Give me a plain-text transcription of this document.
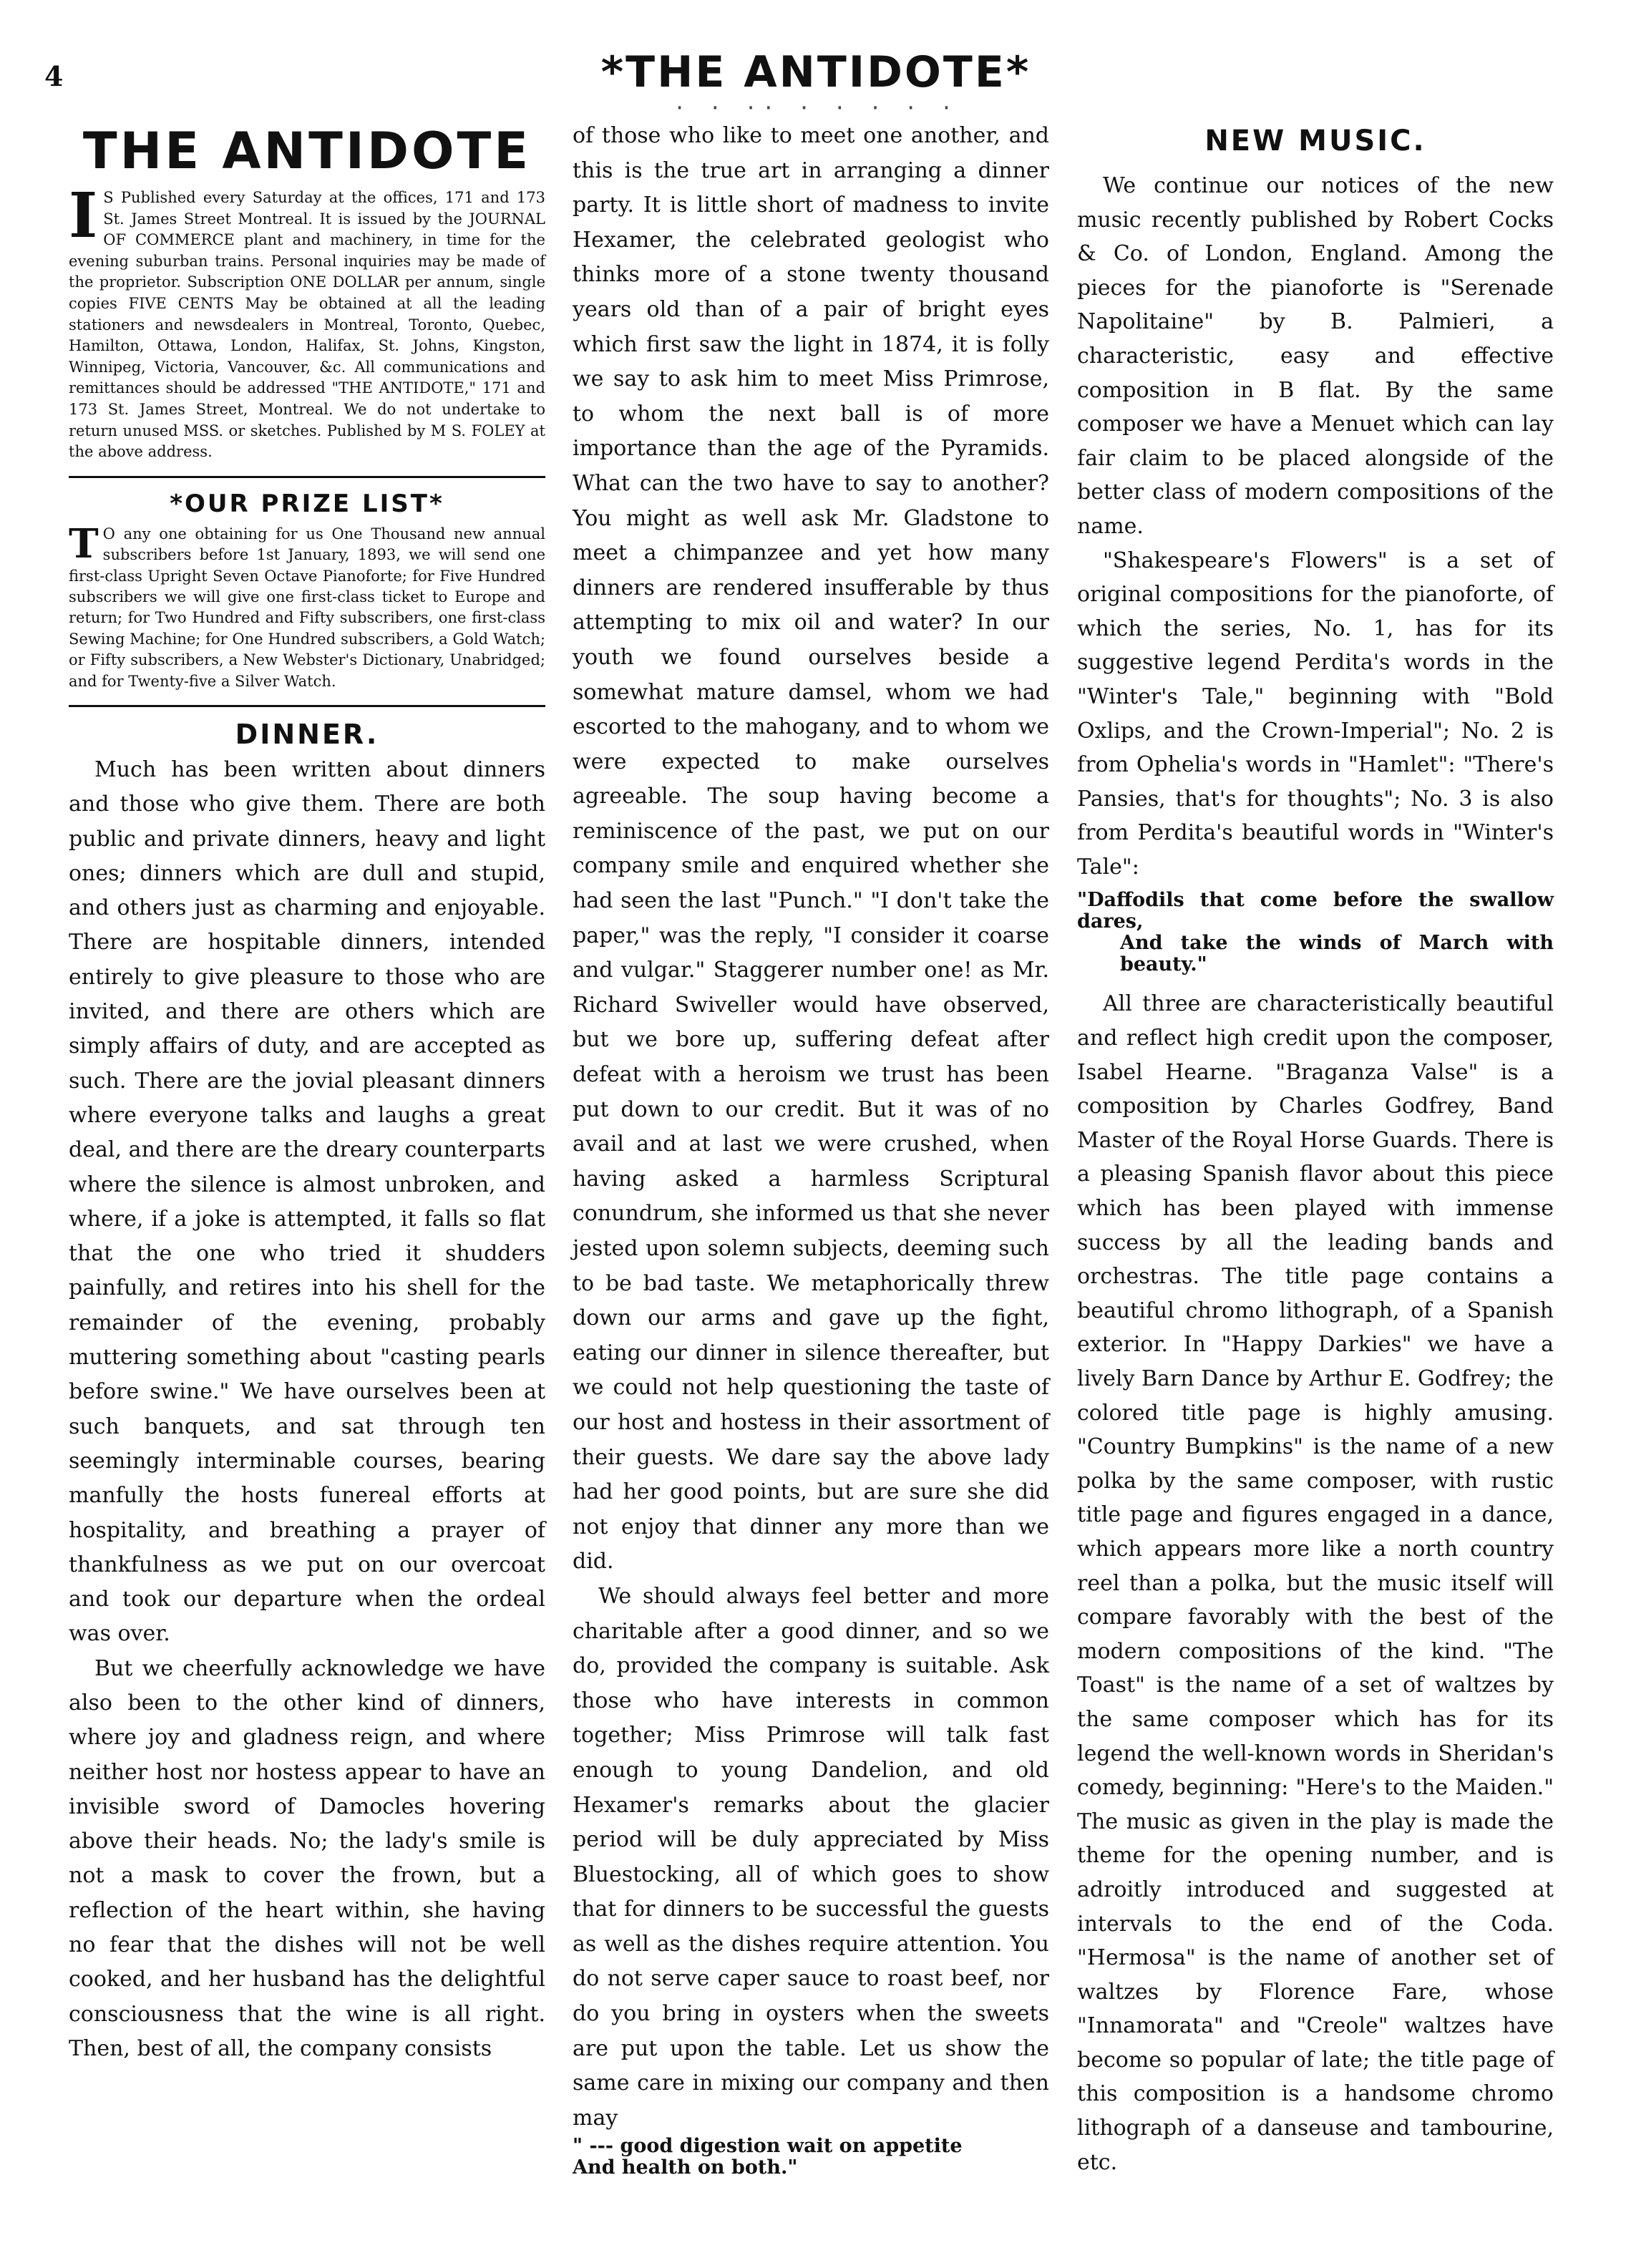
4	*THE ANTIDOTE*
· · ·· · · · · ·
THE ANTIDOTE

I S Published every Saturday at the offices, 171 and 173 St. James Street Montreal. It is issued by the JOURNAL OF COMMERCE plant and machinery, in time for the evening suburban trains. Personal inquiries may be made of the proprietor. Subscription ONE DOLLAR per annum, single copies FIVE CENTS May be obtained at all the leading stationers and newsdealers in Montreal, Toronto, Quebec, Hamilton, Ottawa, London, Halifax, St. Johns, Kingston, Winnipeg, Victoria, Vancouver, &c. All communications and remittances should be addressed "THE ANTIDOTE," 171 and 173 St. James Street, Montreal. We do not undertake to return unused MSS. or sketches. Published by M S. FOLEY at the above address.

*OUR PRIZE LIST*

T O any one obtaining for us One Thousand new annual subscribers before 1st January, 1893, we will send one first-class Upright Seven Octave Pianoforte; for Five Hundred subscribers we will give one first-class ticket to Europe and return; for Two Hundred and Fifty subscribers, one first-class Sewing Machine; for One Hundred subscribers, a Gold Watch; or Fifty subscribers, a New Webster's Dictionary, Unabridged; and for Twenty-five a Silver Watch.

DINNER.

Much has been written about dinners and those who give them. There are both public and private dinners, heavy and light ones; dinners which are dull and stupid, and others just as charming and enjoyable. There are hospitable dinners, intended entirely to give pleasure to those who are invited, and there are others which are simply affairs of duty, and are accepted as such. There are the jovial pleasant dinners where everyone talks and laughs a great deal, and there are the dreary counterparts where the silence is almost unbroken, and where, if a joke is attempted, it falls so flat that the one who tried it shudders painfully, and retires into his shell for the remainder of the evening, probably muttering something about "casting pearls before swine." We have ourselves been at such banquets, and sat through ten seemingly interminable courses, bearing manfully the hosts funereal efforts at hospitality, and breathing a prayer of thankfulness as we put on our overcoat and took our departure when the ordeal was over.

But we cheerfully acknowledge we have also been to the other kind of dinners, where joy and gladness reign, and where neither host nor hostess appear to have an invisible sword of Damocles hovering above their heads. No; the lady's smile is not a mask to cover the frown, but a reflection of the heart within, she having no fear that the dishes will not be well cooked, and her husband has the delightful consciousness that the wine is all right. Then, best of all, the company consists

of those who like to meet one another, and this is the true art in arranging a dinner party. It is little short of madness to invite Hexamer, the celebrated geologist who thinks more of a stone twenty thousand years old than of a pair of bright eyes which first saw the light in 1874, it is folly we say to ask him to meet Miss Primrose, to whom the next ball is of more importance than the age of the Pyramids. What can the two have to say to another? You might as well ask Mr. Gladstone to meet a chimpanzee and yet how many dinners are rendered insufferable by thus attempting to mix oil and water? In our youth we found ourselves beside a somewhat mature damsel, whom we had escorted to the mahogany, and to whom we were expected to make ourselves agreeable. The soup having become a reminiscence of the past, we put on our company smile and enquired whether she had seen the last "Punch." "I don't take the paper," was the reply, "I consider it coarse and vulgar." Staggerer number one! as Mr. Richard Swiveller would have observed, but we bore up, suffering defeat after defeat with a heroism we trust has been put down to our credit. But it was of no avail and at last we were crushed, when having asked a harmless Scriptural conundrum, she informed us that she never jested upon solemn subjects, deeming such to be bad taste. We metaphorically threw down our arms and gave up the fight, eating our dinner in silence thereafter, but we could not help questioning the taste of our host and hostess in their assortment of their guests. We dare say the above lady had her good points, but are sure she did not enjoy that dinner any more than we did.

We should always feel better and more charitable after a good dinner, and so we do, provided the company is suitable. Ask those who have interests in common together; Miss Primrose will talk fast enough to young Dandelion, and old Hexamer's remarks about the glacier period will be duly appreciated by Miss Bluestocking, all of which goes to show that for dinners to be successful the guests as well as the dishes require attention. You do not serve caper sauce to roast beef, nor do you bring in oysters when the sweets are put upon the table. Let us show the same care in mixing our company and then may

" --- good digestion wait on appetite

And health on both."

NEW MUSIC.

We continue our notices of the new music recently published by Robert Cocks & Co. of London, England. Among the pieces for the pianoforte is "Serenade Napolitaine" by B. Palmieri, a characteristic, easy and effective composition in B flat. By the same composer we have a Menuet which can lay fair claim to be placed alongside of the better class of modern compositions of the name.

"Shakespeare's Flowers" is a set of original compositions for the pianoforte, of which the series, No. 1, has for its suggestive legend Perdita's words in the "Winter's Tale," beginning with "Bold Oxlips, and the Crown-Imperial"; No. 2 is from Ophelia's words in "Hamlet": "There's Pansies, that's for thoughts"; No. 3 is also from Perdita's beautiful words in "Winter's Tale":

"Daffodils that come before the swallow dares,
And take the winds of March with beauty."

All three are characteristically beautiful and reflect high credit upon the composer, Isabel Hearne. "Braganza Valse" is a composition by Charles Godfrey, Band Master of the Royal Horse Guards. There is a pleasing Spanish flavor about this piece which has been played with immense success by all the leading bands and orchestras. The title page contains a beautiful chromo lithograph, of a Spanish exterior. In "Happy Darkies" we have a lively Barn Dance by Arthur E. Godfrey; the colored title page is highly amusing. "Country Bumpkins" is the name of a new polka by the same composer, with rustic title page and figures engaged in a dance, which appears more like a north country reel than a polka, but the music itself will compare favorably with the best of the modern compositions of the kind. "The Toast" is the name of a set of waltzes by the same composer which has for its legend the well-known words in Sheridan's comedy, beginning: "Here's to the Maiden." The music as given in the play is made the theme for the opening number, and is adroitly introduced and suggested at intervals to the end of the Coda. "Hermosa" is the name of another set of waltzes by Florence Fare, whose "Innamorata" and "Creole" waltzes have become so popular of late; the title page of this composition is a handsome chromo lithograph of a danseuse and tambourine, etc.
